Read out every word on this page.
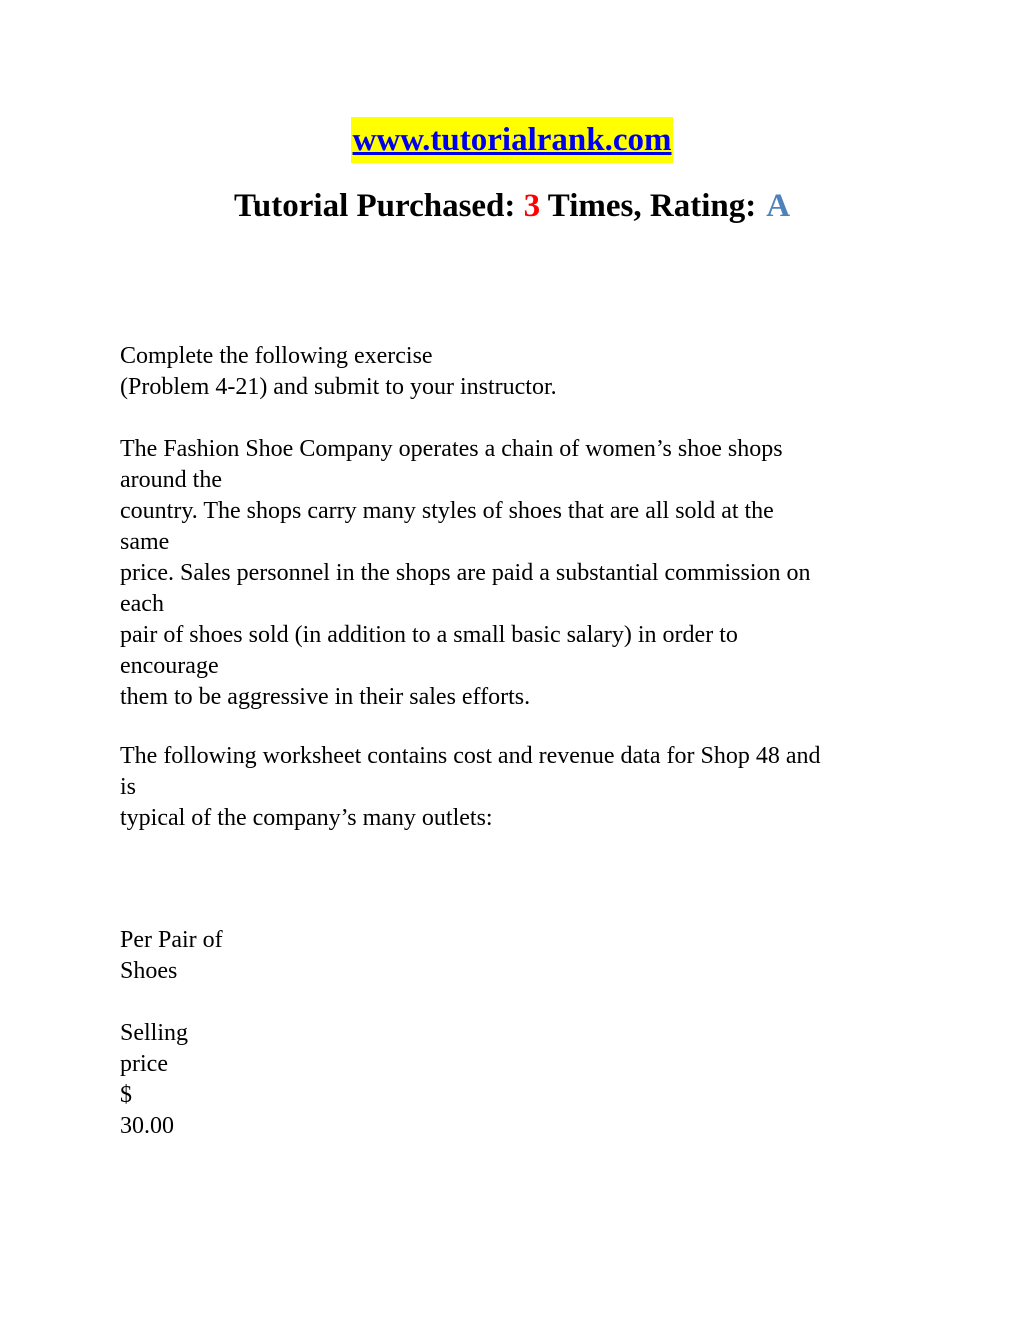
www.tutorialrank.com
Tutorial Purchased: 3 Times, Rating: A

Complete the following exercise

(Problem 4-21) and submit to your instructor.

The Fashion Shoe Company operates a chain of women’s shoe shops

around the

country. The shops carry many styles of shoes that are all sold at the

same

price. Sales personnel in the shops are paid a substantial commission on

each

pair of shoes sold (in addition to a small basic salary) in order to

encourage

them to be aggressive in their sales efforts.

The following worksheet contains cost and revenue data for Shop 48 and

is

typical of the company’s many outlets:

Per Pair of

Shoes

Selling

price

$

30.00
